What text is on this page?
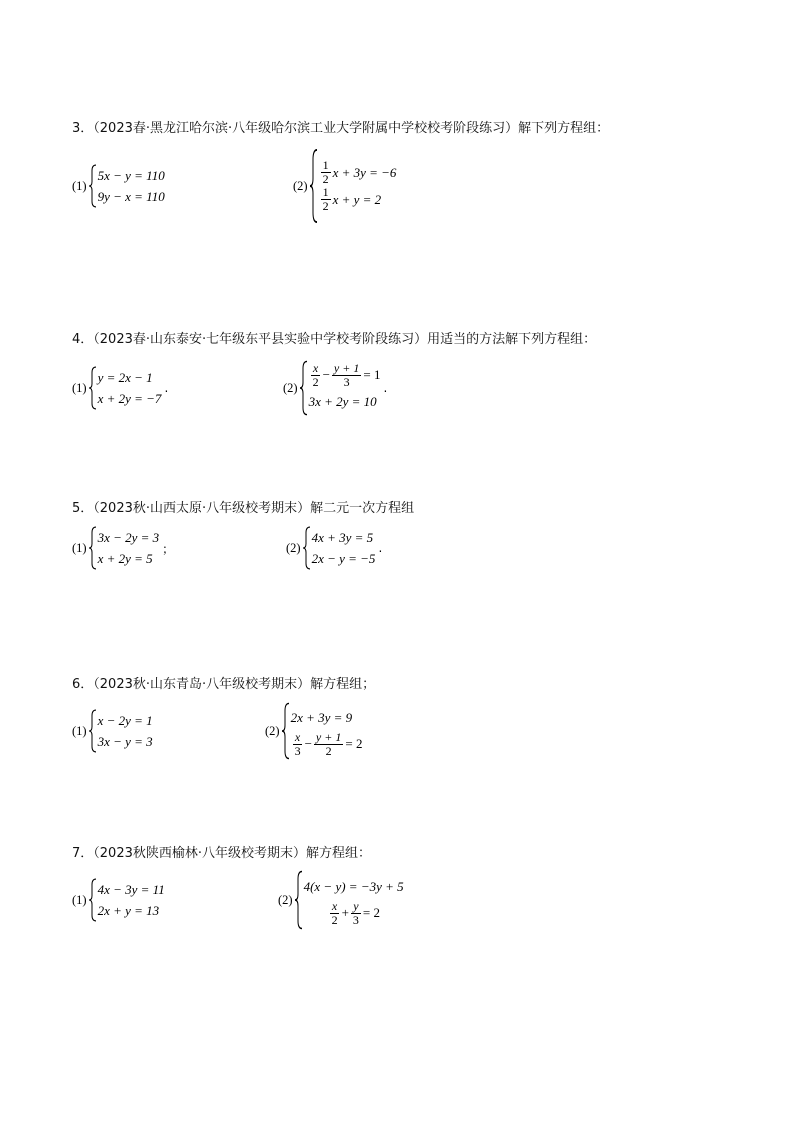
3．（2023春·黑龙江哈尔滨·八年级哈尔滨工业大学附属中学校校考阶段练习）解下列方程组：
(1)
5x − y = 110
9y − x = 110
$(2) \frac{1}{2}$ x + 3y = −6
$\frac{1}{2}$ x + y = 2
4．（2023春·山东泰安·七年级东平县实验中学校考阶段练习）用适当的方法解下列方程组：
(1)
y = 2x − 1
x + 2y = −7
.	$(2) \frac{x}{2} - \frac{y + 1}{3} = 1$
3x + 2y = 10
.
5．（2023秋·山西太原·八年级校考期末）解二元一次方程组
(1)
3x − 2y = 3
x + 2y = 5
；	(2)
4x + 3y = 5
2x − y = −5
.
6．（2023秋·山东青岛·八年级校考期末）解方程组；
(1)
x − 2y = 1
3x − y = 3
(2)
2x + 3y = 9
$\frac{x}{3} - \frac{y + 1}{2} = 2$
7．（2023秋陕西榆林·八年级校考期末）解方程组：
(1)
4x − 3y = 11
2x + y = 13
(2)
4(x − y) = −3y + 5
$\frac{x}{2} + \frac{y}{3} = 2$
